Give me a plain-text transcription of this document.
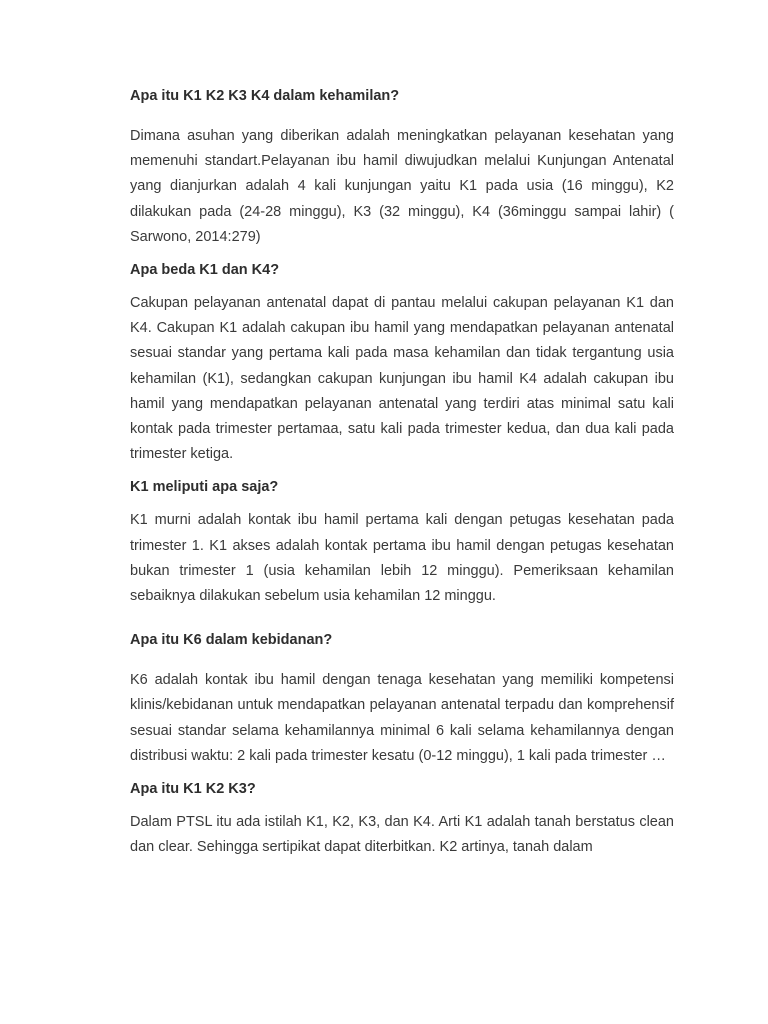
Apa itu K1 K2 K3 K4 dalam kehamilan?

Dimana asuhan yang diberikan adalah meningkatkan pelayanan kesehatan yang memenuhi standart.Pelayanan ibu hamil diwujudkan melalui Kunjungan Antenatal yang dianjurkan adalah 4 kali kunjungan yaitu K1 pada usia (16 minggu), K2 dilakukan pada (24-28 minggu), K3 (32 minggu), K4 (36minggu sampai lahir) ( Sarwono, 2014:279)

Apa beda K1 dan K4?

Cakupan pelayanan antenatal dapat di pantau melalui cakupan pelayanan K1 dan K4. Cakupan K1 adalah cakupan ibu hamil yang mendapatkan pelayanan antenatal sesuai standar yang pertama kali pada masa kehamilan dan tidak tergantung usia kehamilan (K1), sedangkan cakupan kunjungan ibu hamil K4 adalah cakupan ibu hamil yang mendapatkan pelayanan antenatal yang terdiri atas minimal satu kali kontak pada trimester pertamaa, satu kali pada trimester kedua, dan dua kali pada trimester ketiga.

K1 meliputi apa saja?

K1 murni adalah kontak ibu hamil pertama kali dengan petugas kesehatan pada trimester 1. K1 akses adalah kontak pertama ibu hamil dengan petugas kesehatan bukan trimester 1 (usia kehamilan lebih 12 minggu). Pemeriksaan kehamilan sebaiknya dilakukan sebelum usia kehamilan 12 minggu.

Apa itu K6 dalam kebidanan?

K6 adalah kontak ibu hamil dengan tenaga kesehatan yang memiliki kompetensi klinis/kebidanan untuk mendapatkan pelayanan antenatal terpadu dan komprehensif sesuai standar selama kehamilannya minimal 6 kali selama kehamilannya dengan distribusi waktu: 2 kali pada trimester kesatu (0-12 minggu), 1 kali pada trimester …

Apa itu K1 K2 K3?

Dalam PTSL itu ada istilah K1, K2, K3, dan K4. Arti K1 adalah tanah berstatus clean dan clear. Sehingga sertipikat dapat diterbitkan. K2 artinya, tanah dalam
